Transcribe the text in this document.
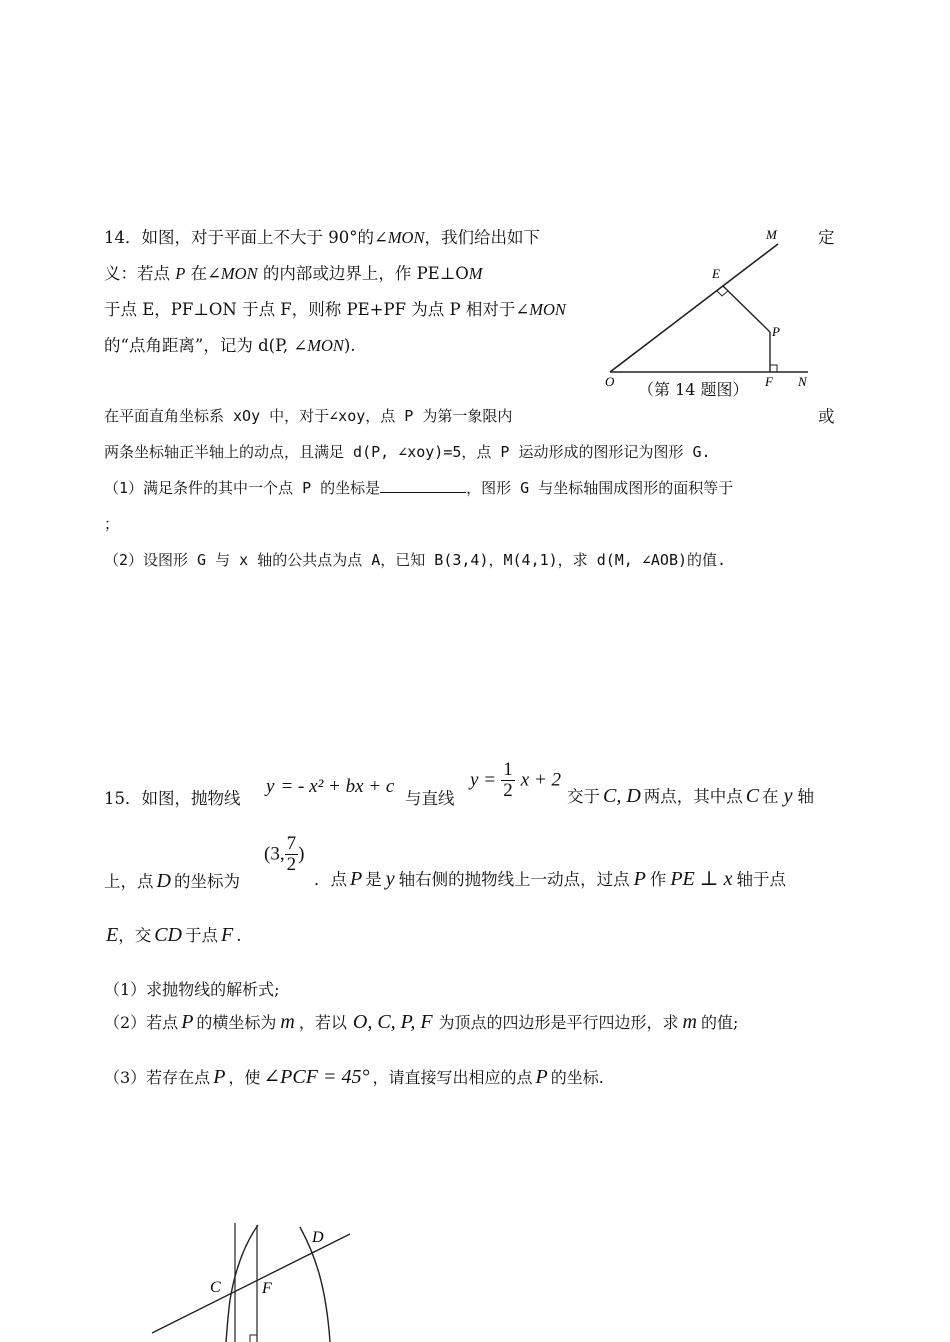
14．如图，对于平面上不大于 90°的∠MON，我们给出如下	定
义：若点 P 在∠MON 的内部或边界上，作 PE⊥OM
于点 E，PF⊥ON 于点 F，则称 PE+PF 为点 P 相对于∠MON
的“点角距离”，记为 d(P, ∠MON).
M
E
P
O	F N
（第 14 题图）
在平面直角坐标系 xOy 中，对于∠xoy，点 P 为第一象限内	或
两条坐标轴正半轴上的动点，且满足 d(P, ∠xoy)=5，点 P 运动形成的图形记为图形 G.
（1）满足条件的其中一个点 P 的坐标是	，图形 G 与坐标轴围成图形的面积等于
；
（2）设图形 G 与 x 轴的公共点为点 A，已知 B(3,4)，M(4,1)，求 d(M, ∠AOB)的值.
15．如图，抛物线
y = - x² + bx + c
与直线
$y = \frac{1}{2}$ x + 2
交于 C, D 两点，其中点 C 在 y 轴
上，点 D 的坐标为
(3, $\frac{7}{2}$ )
．点 P 是 y 轴右侧的抛物线上一动点，过点 P 作 PE ⊥ x 轴于点
E，交 CD 于点 F .
（1）求抛物线的解析式;
（2）若点 P 的横坐标为 m ，若以 O, C, P, F 为顶点的四边形是平行四边形，求 m 的值;
（3）若存在点 P ，使 ∠PCF = 45° ，请直接写出相应的点 P 的坐标.
C
D
F
